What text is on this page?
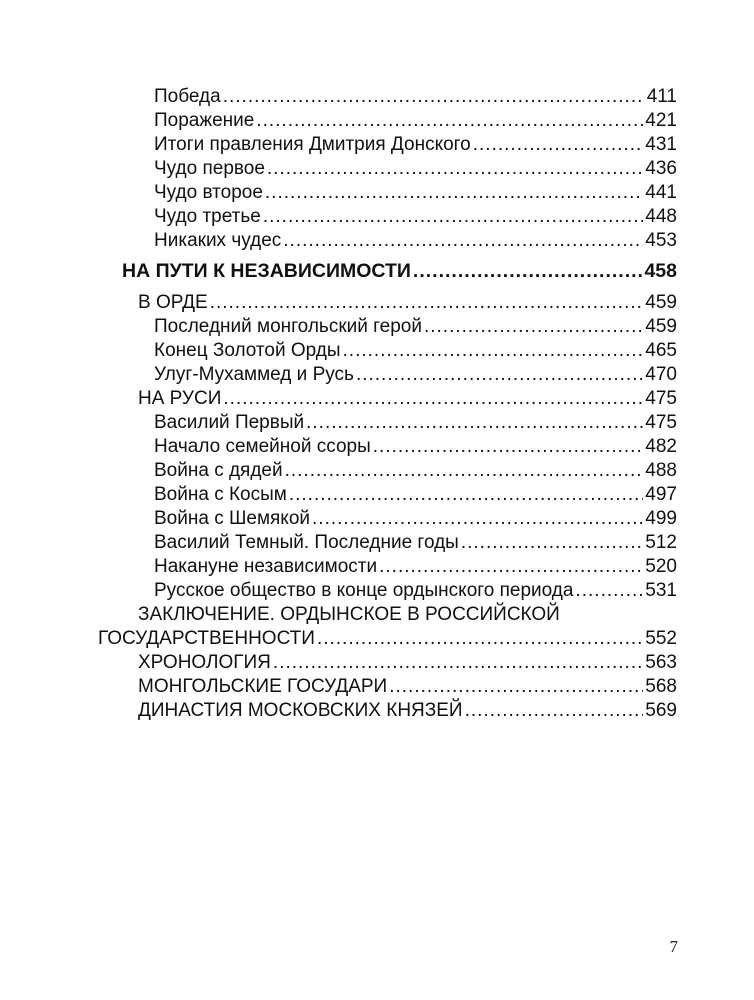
Победа .....	411
Поражение .....	421
Итоги правления Дмитрия Донского .....	431
Чудо первое .....	436
Чудо второе .....	441
Чудо третье .....	448
Никаких чудес .....	453
НА ПУТИ К НЕЗАВИСИМОСТИ .....	458
В ОРДЕ .....	459
Последний монгольский герой .....	459
Конец Золотой Орды .....	465
Улуг-Мухаммед и Русь .....	470
НА РУСИ .....	475
Василий Первый .....	475
Начало семейной ссоры .....	482
Война с дядей .....	488
Война с Косым .....	497
Война с Шемякой .....	499
Василий Темный. Последние годы .....	512
Накануне независимости .....	520
Русское общество в конце ордынского периода .....	531
ЗАКЛЮЧЕНИЕ. ОРДЫНСКОЕ В РОССИЙСКОЙ
ГОСУДАРСТВЕННОСТИ .....	552
ХРОНОЛОГИЯ .....	563
МОНГОЛЬСКИЕ ГОСУДАРИ .....	568
ДИНАСТИЯ МОСКОВСКИХ КНЯЗЕЙ .....	569
7
